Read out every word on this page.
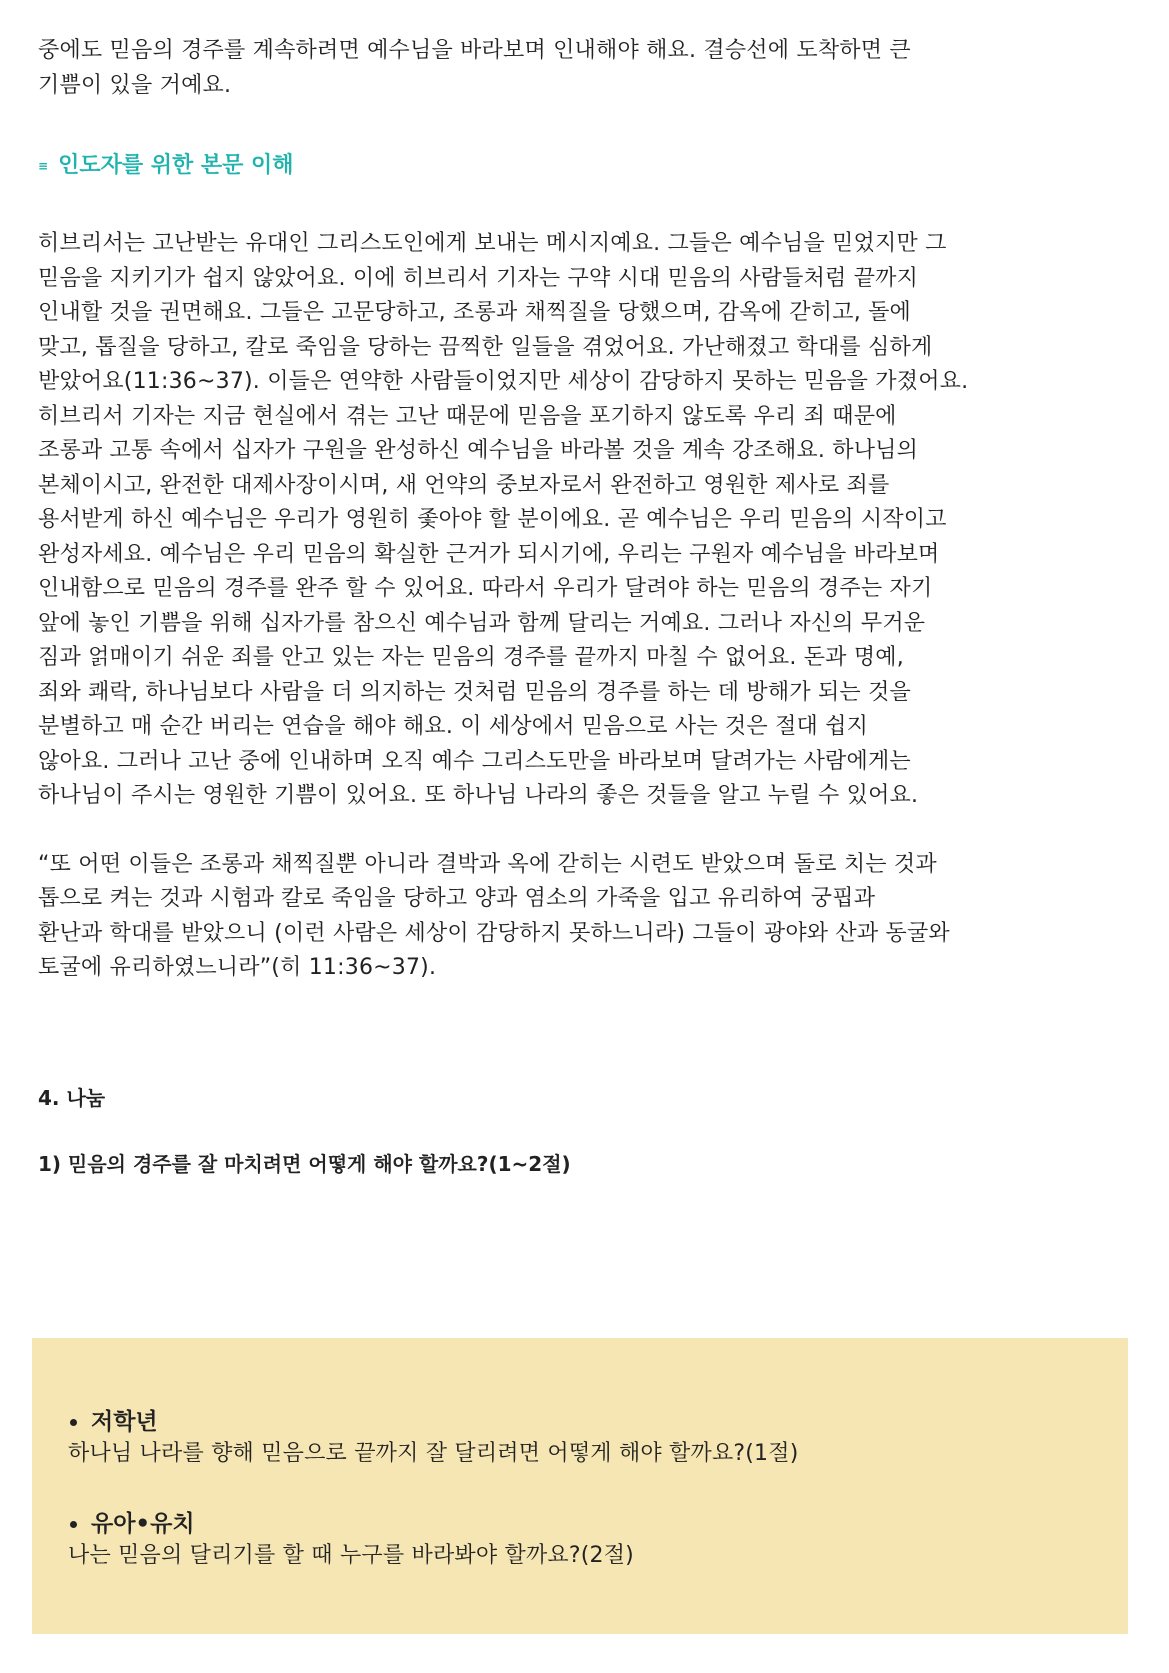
중에도 믿음의 경주를 계속하려면 예수님을 바라보며 인내해야 해요. 결승선에 도착하면 큰
기쁨이 있을 거예요.

≡ 인도자를 위한 본문 이해

히브리서는 고난받는 유대인 그리스도인에게 보내는 메시지예요. 그들은 예수님을 믿었지만 그
믿음을 지키기가 쉽지 않았어요. 이에 히브리서 기자는 구약 시대 믿음의 사람들처럼 끝까지
인내할 것을 권면해요. 그들은 고문당하고, 조롱과 채찍질을 당했으며, 감옥에 갇히고, 돌에
맞고, 톱질을 당하고, 칼로 죽임을 당하는 끔찍한 일들을 겪었어요. 가난해졌고 학대를 심하게
받았어요(11:36~37). 이들은 연약한 사람들이었지만 세상이 감당하지 못하는 믿음을 가졌어요.
히브리서 기자는 지금 현실에서 겪는 고난 때문에 믿음을 포기하지 않도록 우리 죄 때문에
조롱과 고통 속에서 십자가 구원을 완성하신 예수님을 바라볼 것을 계속 강조해요. 하나님의
본체이시고, 완전한 대제사장이시며, 새 언약의 중보자로서 완전하고 영원한 제사로 죄를
용서받게 하신 예수님은 우리가 영원히 좇아야 할 분이에요. 곧 예수님은 우리 믿음의 시작이고
완성자세요. 예수님은 우리 믿음의 확실한 근거가 되시기에, 우리는 구원자 예수님을 바라보며
인내함으로 믿음의 경주를 완주 할 수 있어요. 따라서 우리가 달려야 하는 믿음의 경주는 자기
앞에 놓인 기쁨을 위해 십자가를 참으신 예수님과 함께 달리는 거예요. 그러나 자신의 무거운
짐과 얽매이기 쉬운 죄를 안고 있는 자는 믿음의 경주를 끝까지 마칠 수 없어요. 돈과 명예,
죄와 쾌락, 하나님보다 사람을 더 의지하는 것처럼 믿음의 경주를 하는 데 방해가 되는 것을
분별하고 매 순간 버리는 연습을 해야 해요. 이 세상에서 믿음으로 사는 것은 절대 쉽지
않아요. 그러나 고난 중에 인내하며 오직 예수 그리스도만을 바라보며 달려가는 사람에게는
하나님이 주시는 영원한 기쁨이 있어요. 또 하나님 나라의 좋은 것들을 알고 누릴 수 있어요.

“또 어떤 이들은 조롱과 채찍질뿐 아니라 결박과 옥에 갇히는 시련도 받았으며 돌로 치는 것과
톱으로 켜는 것과 시험과 칼로 죽임을 당하고 양과 염소의 가죽을 입고 유리하여 궁핍과
환난과 학대를 받았으니 (이런 사람은 세상이 감당하지 못하느니라) 그들이 광야와 산과 동굴와
토굴에 유리하였느니라”(히 11:36~37).

4. 나눔
1) 믿음의 경주를 잘 마치려면 어떻게 해야 할까요?(1~2절)
저학년
하나님 나라를 향해 믿음으로 끝까지 잘 달리려면 어떻게 해야 할까요?(1절)
유아•유치
나는 믿음의 달리기를 할 때 누구를 바라봐야 할까요?(2절)
